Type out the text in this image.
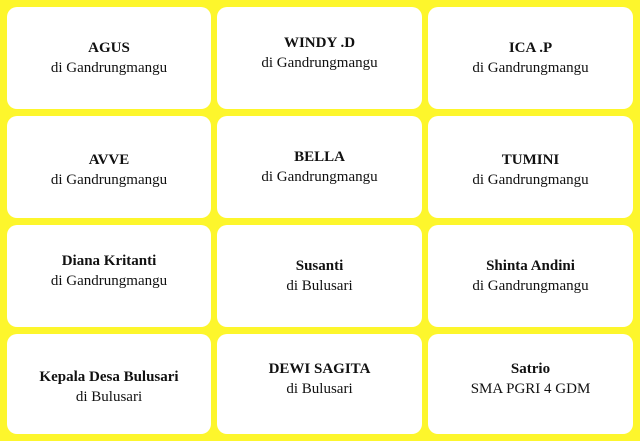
AGUS
di Gandrungmangu
WINDY .D
di Gandrungmangu
ICA .P
di Gandrungmangu
AVVE
di Gandrungmangu
BELLA
di Gandrungmangu
TUMINI
di Gandrungmangu
Diana Kritanti
di Gandrungmangu
Susanti
di Bulusari
Shinta Andini
di Gandrungmangu
Kepala Desa Bulusari
di Bulusari
DEWI SAGITA
di Bulusari
Satrio
SMA PGRI 4 GDM
